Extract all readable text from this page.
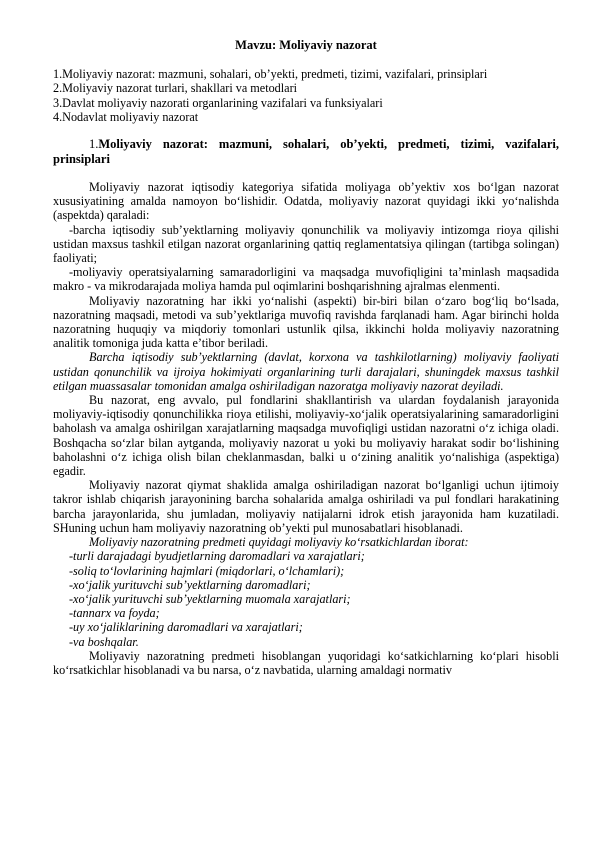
Mavzu: Moliyaviy nazorat
1.Moliyaviy nazorat: mazmuni, sohalari, ob’yekti, predmeti, tizimi, vazifalari, prinsiplari
2.Moliyaviy nazorat turlari, shakllari va metodlari
3.Davlat moliyaviy nazorati organlarining vazifalari va funksiyalari
4.Nodavlat moliyaviy nazorat
1.Moliyaviy nazorat: mazmuni, sohalari, ob’yekti, predmeti, tizimi, vazifalari, prinsiplari

Moliyaviy nazorat iqtisodiy kategoriya sifatida moliyaga ob’yektiv xos bo‘lgan nazorat xususiyatining amalda namoyon bo‘lishidir. Odatda, moliyaviy nazorat quyidagi ikki yo‘nalishda (aspektda) qaraladi:

-barcha iqtisodiy sub’yektlarning moliyaviy qonunchilik va moliyaviy intizomga rioya qilishi ustidan maxsus tashkil etilgan nazorat organlarining qattiq reglamentatsiya qilingan (tartibga solingan) faoliyati;

-moliyaviy operatsiyalarning samaradorligini va maqsadga muvofiqligini ta’minlash maqsadida makro - va mikrodarajada moliya hamda pul oqimlarini boshqarishning ajralmas elenmenti.

Moliyaviy nazoratning har ikki yo‘nalishi (aspekti) bir-biri bilan o‘zaro bog‘liq bo‘lsada, nazoratning maqsadi, metodi va sub’yektlariga muvofiq ravishda farqlanadi ham. Agar birinchi holda nazoratning huquqiy va miqdoriy tomonlari ustunlik qilsa, ikkinchi holda moliyaviy nazoratning analitik tomoniga juda katta e’tibor beriladi.

Barcha iqtisodiy sub’yektlarning (davlat, korxona va tashkilotlarning) moliyaviy faoliyati ustidan qonunchilik va ijroiya hokimiyati organlarining turli darajalari, shuningdek maxsus tashkil etilgan muassasalar tomonidan amalga oshiriladigan nazoratga moliyaviy nazorat deyiladi.

Bu nazorat, eng avvalo, pul fondlarini shakllantirish va ulardan foydalanish jarayonida moliyaviy-iqtisodiy qonunchilikka rioya etilishi, moliyaviy-xo‘jalik operatsiyalarining samaradorligini baholash va amalga oshirilgan xarajatlarning maqsadga muvofiqligi ustidan nazoratni o‘z ichiga oladi. Boshqacha so‘zlar bilan aytganda, moliyaviy nazorat u yoki bu moliyaviy harakat sodir bo‘lishining baholashni o‘z ichiga olish bilan cheklanmasdan, balki u o‘zining analitik yo‘nalishiga (aspektiga) egadir.

Moliyaviy nazorat qiymat shaklida amalga oshiriladigan nazorat bo‘lganligi uchun ijtimoiy takror ishlab chiqarish jarayonining barcha sohalarida amalga oshiriladi va pul fondlari harakatining barcha jarayonlarida, shu jumladan, moliyaviy natijalarni idrok etish jarayonida ham kuzatiladi. SHuning uchun ham moliyaviy nazoratning ob’yekti pul munosabatlari hisoblanadi.

Moliyaviy nazoratning predmeti quyidagi moliyaviy ko‘rsatkichlardan iborat:

-turli darajadagi byudjetlarning daromadlari va xarajatlari;
-soliq to‘lovlarining hajmlari (miqdorlari, o‘lchamlari);
-xo‘jalik yurituvchi sub’yektlarning daromadlari;
-xo‘jalik yurituvchi sub’yektlarning muomala xarajatlari;
-tannarx va foyda;
-uy xo‘jaliklarining daromadlari va xarajatlari;
-va boshqalar.

Moliyaviy nazoratning predmeti hisoblangan yuqoridagi ko‘satkichlarning ko‘plari hisobli ko‘rsatkichlar hisoblanadi va bu narsa, o‘z navbatida, ularning amaldagi normativ
